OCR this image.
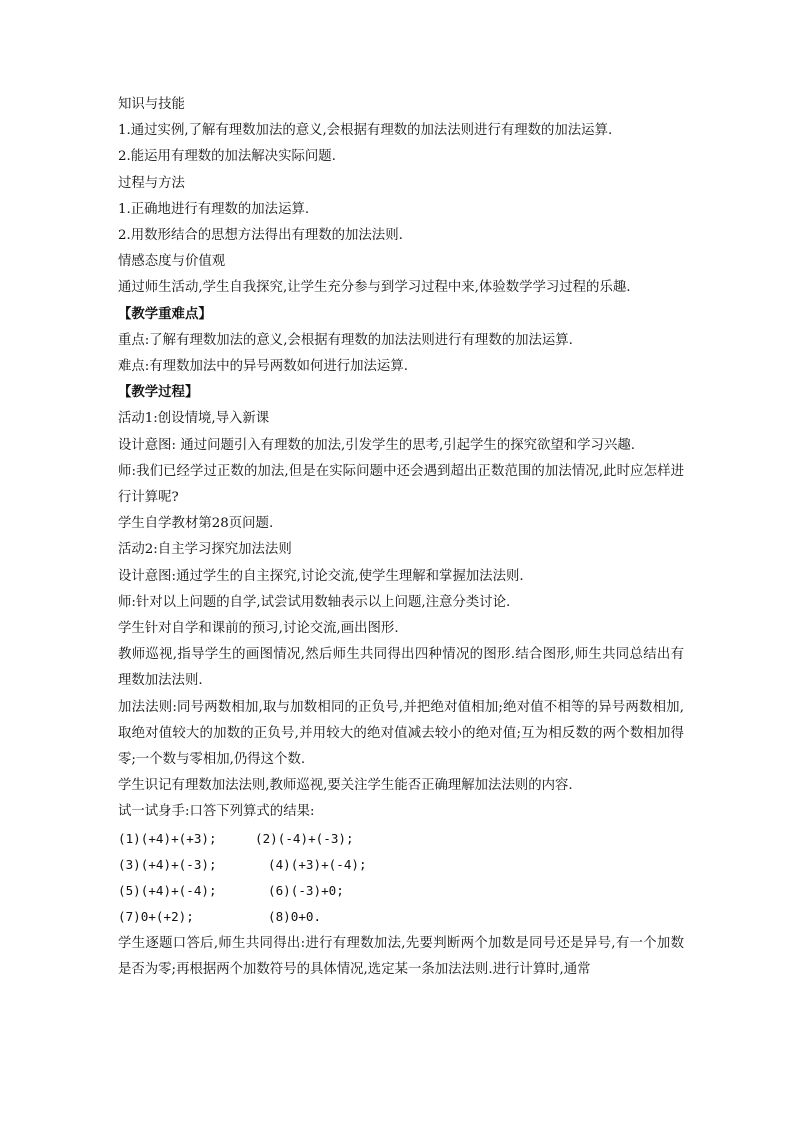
知识与技能
1.通过实例,了解有理数加法的意义,会根据有理数的加法法则进行有理数的加法运算.
2.能运用有理数的加法解决实际问题.
过程与方法
1.正确地进行有理数的加法运算.
2.用数形结合的思想方法得出有理数的加法法则.
情感态度与价值观
通过师生活动,学生自我探究,让学生充分参与到学习过程中来,体验数学学习过程的乐趣.
【教学重难点】
重点:了解有理数加法的意义,会根据有理数的加法法则进行有理数的加法运算.
难点:有理数加法中的异号两数如何进行加法运算.
【教学过程】
活动1:创设情境,导入新课
设计意图: 通过问题引入有理数的加法,引发学生的思考,引起学生的探究欲望和学习兴趣.
师:我们已经学过正数的加法,但是在实际问题中还会遇到超出正数范围的加法情况,此时应怎样进行计算呢?
学生自学教材第28页问题.
活动2:自主学习探究加法法则
设计意图:通过学生的自主探究,讨论交流,使学生理解和掌握加法法则.
师:针对以上问题的自学,试尝试用数轴表示以上问题,注意分类讨论.
学生针对自学和课前的预习,讨论交流,画出图形.
教师巡视,指导学生的画图情况,然后师生共同得出四种情况的图形.结合图形,师生共同总结出有理数加法法则.
加法法则:同号两数相加,取与加数相同的正负号,并把绝对值相加;绝对值不相等的异号两数相加,取绝对值较大的加数的正负号,并用较大的绝对值减去较小的绝对值;互为相反数的两个数相加得零;一个数与零相加,仍得这个数.
学生识记有理数加法法则,教师巡视,要关注学生能否正确理解加法法则的内容.
试一试身手:口答下列算式的结果:
(1)(+4)+(+3);	(2)(-4)+(-3);
(3)(+4)+(-3);	(4)(+3)+(-4);
(5)(+4)+(-4);	(6)(-3)+0;
(7)0+(+2);	(8)0+0.
学生逐题口答后,师生共同得出:进行有理数加法,先要判断两个加数是同号还是异号,有一个加数是否为零;再根据两个加数符号的具体情况,选定某一条加法法则.进行计算时,通常
